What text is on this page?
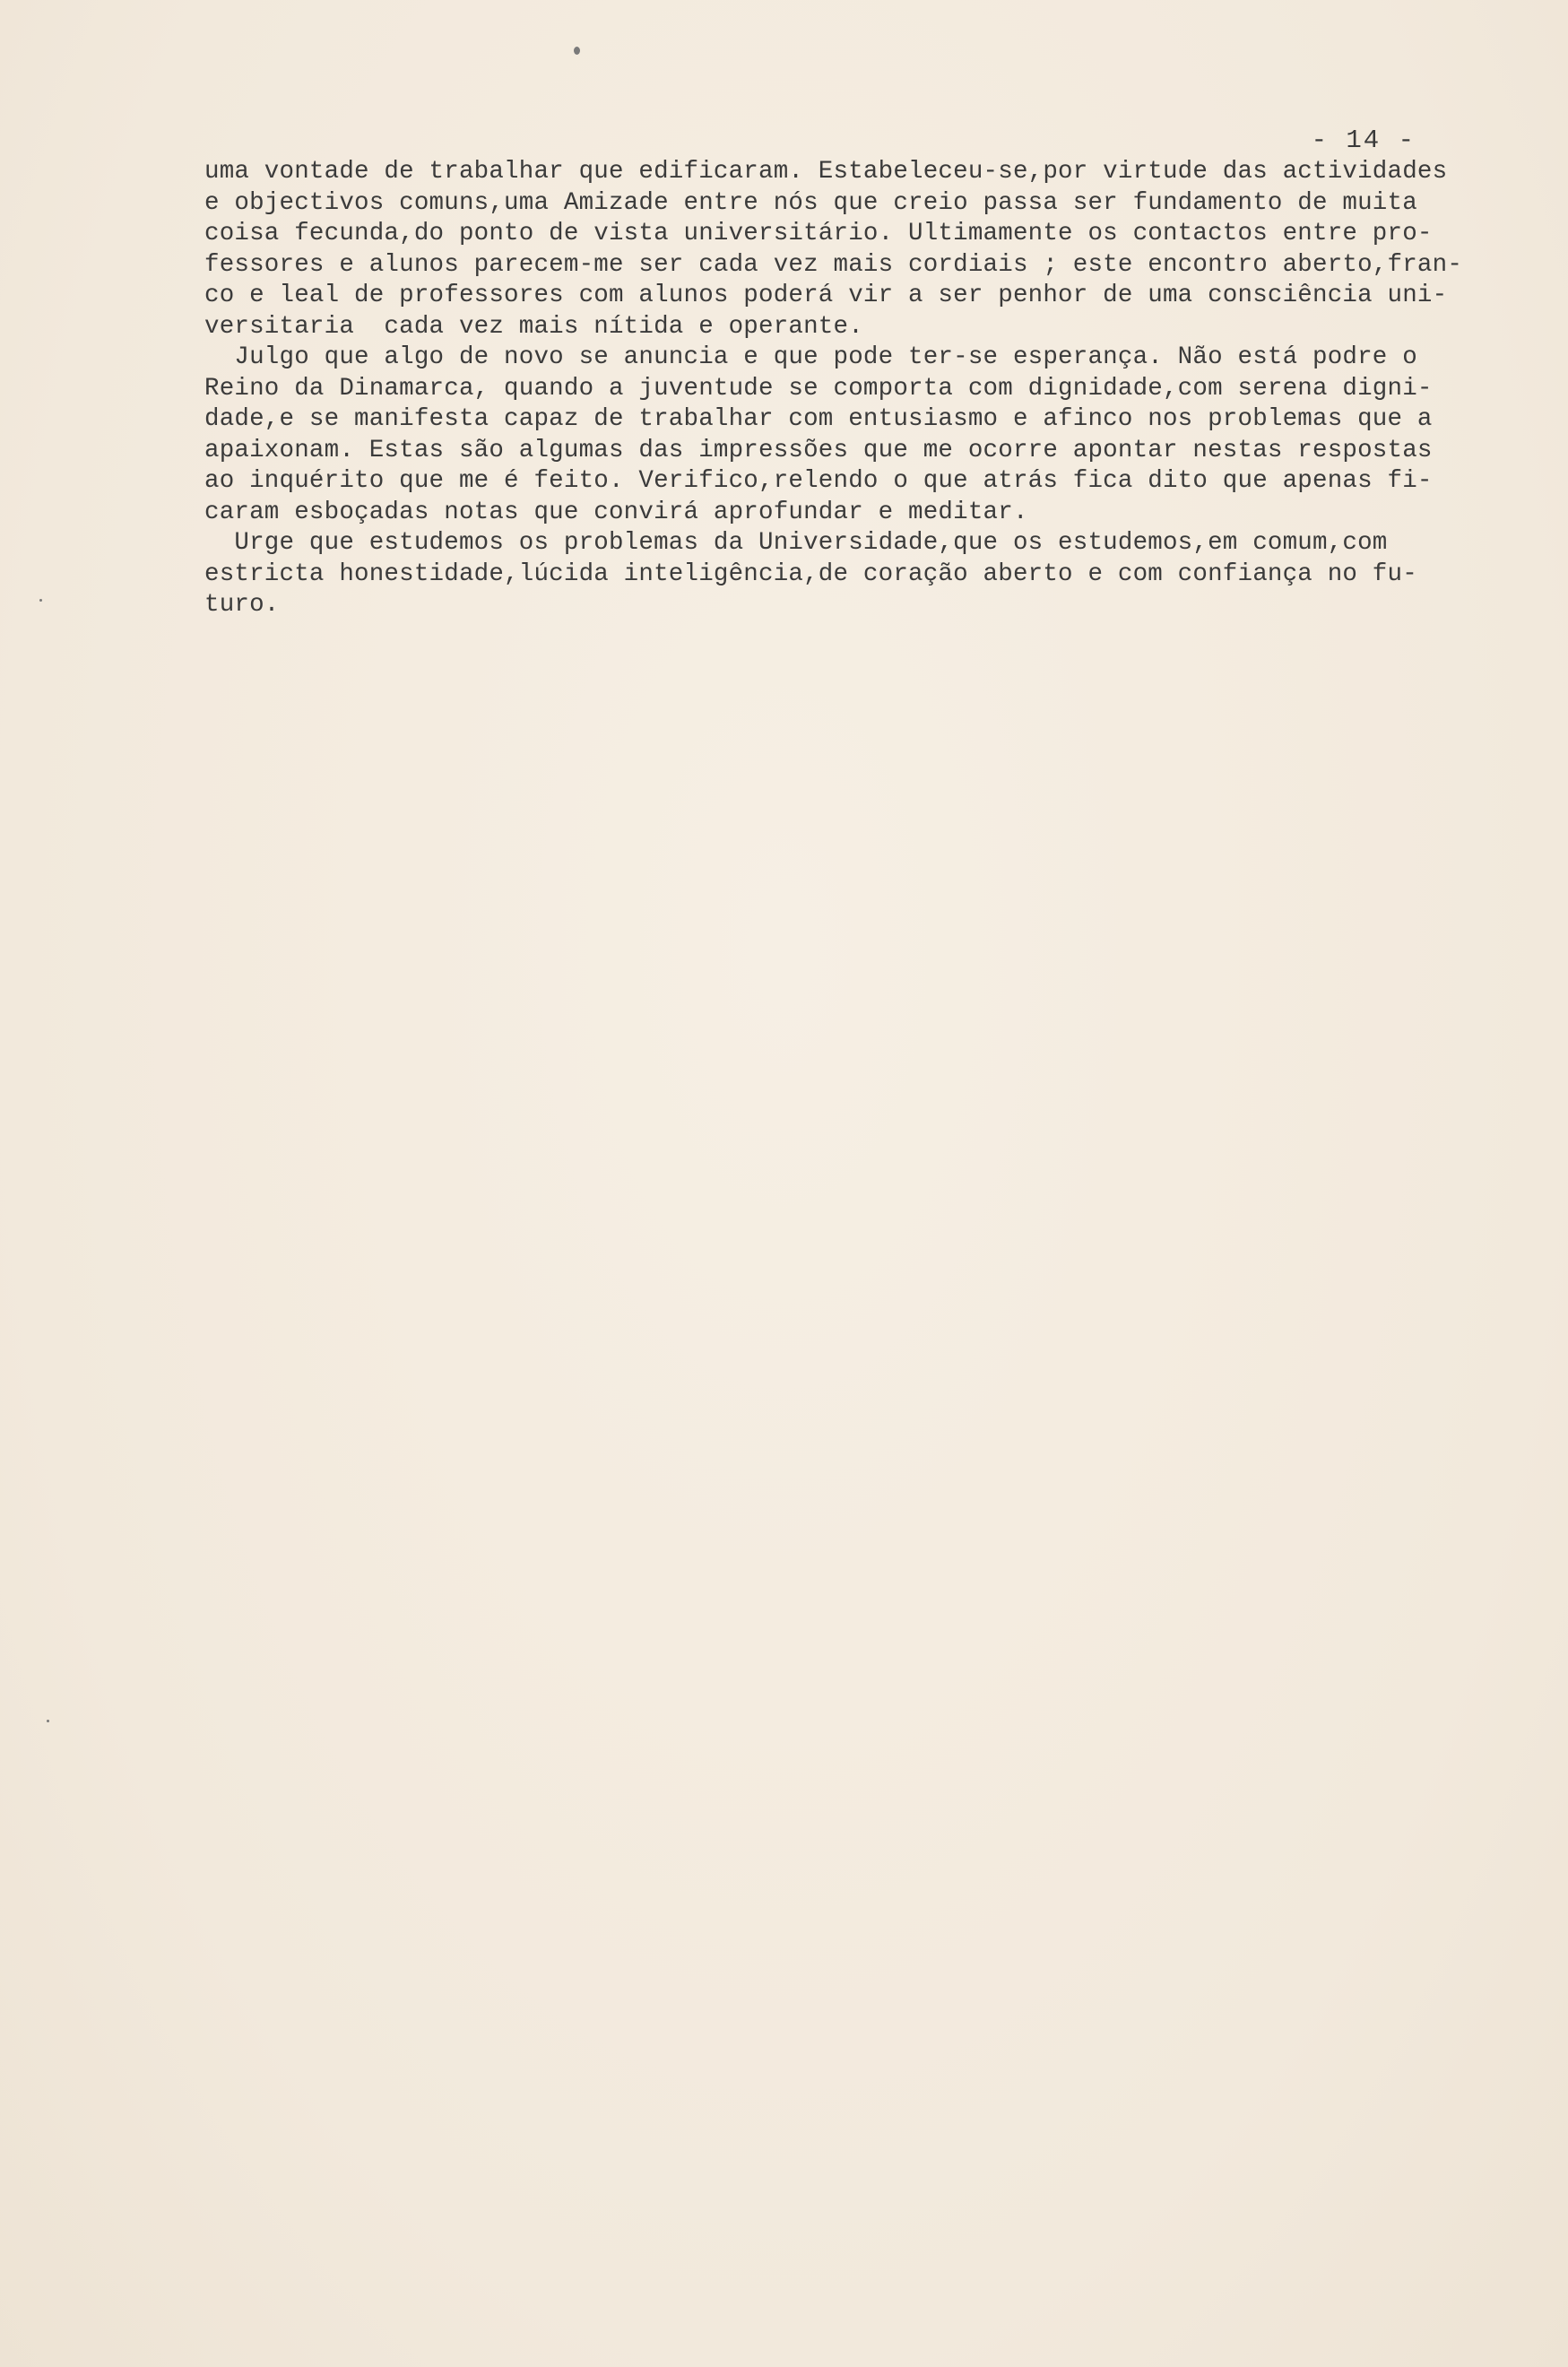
- 14 -
uma vontade de trabalhar que edificaram. Estabeleceu-se,por virtude das actividades
e objectivos comuns,uma Amizade entre nós que creio passa ser fundamento de muita
coisa fecunda,do ponto de vista universitário. Ultimamente os contactos entre pro-
fessores e alunos parecem-me ser cada vez mais cordiais ; este encontro aberto,fran-
co e leal de professores com alunos poderá vir a ser penhor de uma consciência uni-
versitaria  cada vez mais nítida e operante.
Julgo que algo de novo se anuncia e que pode ter-se esperança. Não está podre o
Reino da Dinamarca, quando a juventude se comporta com dignidade,com serena digni-
dade,e se manifesta capaz de trabalhar com entusiasmo e afinco nos problemas que a
apaixonam. Estas são algumas das impressões que me ocorre apontar nestas respostas
ao inquérito que me é feito. Verifico,relendo o que atrás fica dito que apenas fi-
caram esboçadas notas que convirá aprofundar e meditar.
Urge que estudemos os problemas da Universidade,que os estudemos,em comum,com
estricta honestidade,lúcida inteligência,de coração aberto e com confiança no fu-
turo.
